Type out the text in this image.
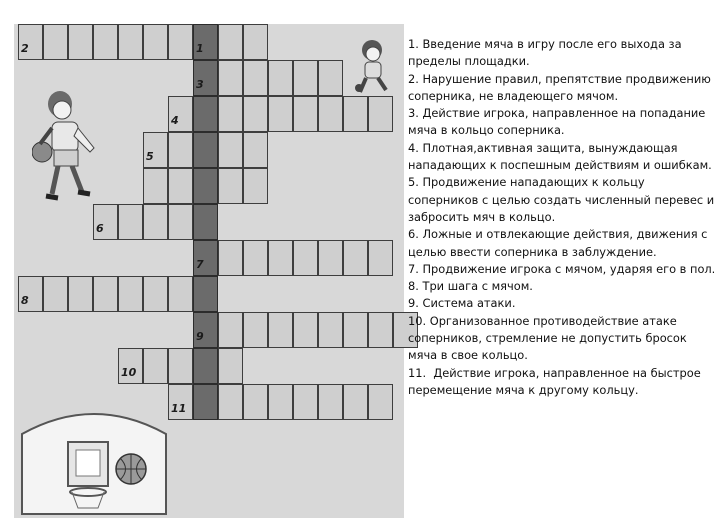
1
2
3
4
5
6
7
8
9
10
11

1. Введение мяча в игру после его выхода за пределы площадки.

2. Нарушение правил, препятствие продвижению соперника, не владеющего мячом.

3. Действие игрока, направленное на попадание мяча в кольцо соперника.

4. Плотная,активная защита, вынуждающая нападающих к поспешным действиям и ошибкам.

5. Продвижение нападающих к кольцу соперников с целью создать численный перевес и забросить мяч в кольцо.

6. Ложные и отвлекающие действия, движения с целью ввести соперника в заблуждение.

7. Продвижение игрока с мячом, ударяя его в пол.

8. Три шага с мячом.

9. Система атаки.

10. Организованное противодействие атаке соперников, стремление не допустить бросок мяча в свое кольцо.

11.  Действие игрока, направленное на быстрое перемещение мяча к другому кольцу.
